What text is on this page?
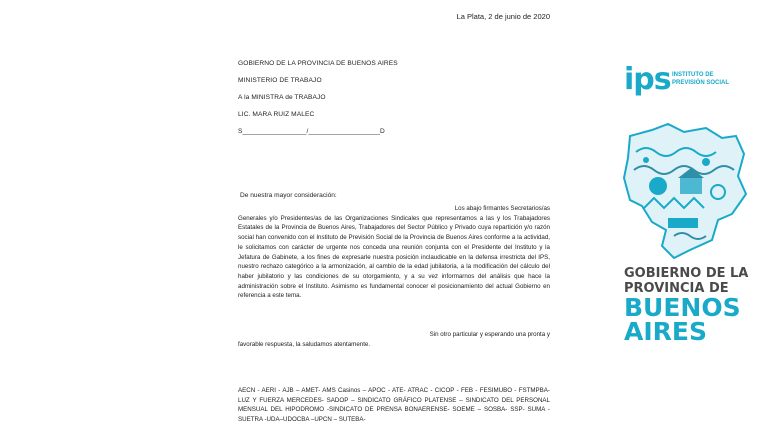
La Plata, 2 de junio de 2020
GOBIERNO DE LA PROVINCIA DE BUENOS AIRES
MINISTERIO DE TRABAJO
A la MINISTRA de TRABAJO
LIC. MARA RUIZ MALEC
S_________________/___________________D
De nuestra mayor consideración:
Los abajo firmantes Secretarios/as
Generales y/o Presidentes/as de las Organizaciones Sindicales que representamos a las y los Trabajadores Estatales de la Provincia de Buenos Aires, Trabajadores del Sector Público y Privado cuya repartición y/o razón social han convenido con el Instituto de Previsión Social de la Provincia de Buenos Aires conforme a la actividad, le solicitamos con carácter de urgente nos conceda una reunión conjunta con el Presidente del Instituto y la Jefatura de Gabinete, a los fines de expresarle nuestra posición inclaudicable en la defensa irrestricta del IPS, nuestro rechazo categórico a la armonización, al cambio de la edad jubilatoria, a la modificación del cálculo del haber jubilatorio y las condiciones de su otorgamiento, y a su vez informarnos del análisis que hace la administración sobre el Instituto. Asimismo es fundamental conocer el posicionamiento del actual Gobierno en referencia a este tema.
Sin otro particular y esperando una pronta y
favorable respuesta, la saludamos atentamente.
AECN - AERI - AJB – AMET- AMS Casinos – APOC - ATE- ATRAC - CICOP - FEB - FESIMUBO - FSTMPBA- LUZ Y FUERZA MERCEDES- SADOP – SINDICATO GRÁFICO PLATENSE – SINDICATO DEL PERSONAL MENSUAL DEL HIPODROMO -SINDICATO DE PRENSA BONAERENSE- SOEME – SOSBA- SSP- SUMA - SUETRA -UDA–UDOCBA –UPCN – SUTEBA-
ips INSTITUTO DE
PREVISIÓN SOCIAL
GOBIERNO DE LA
PROVINCIA DE
BUENOS
AIRES
